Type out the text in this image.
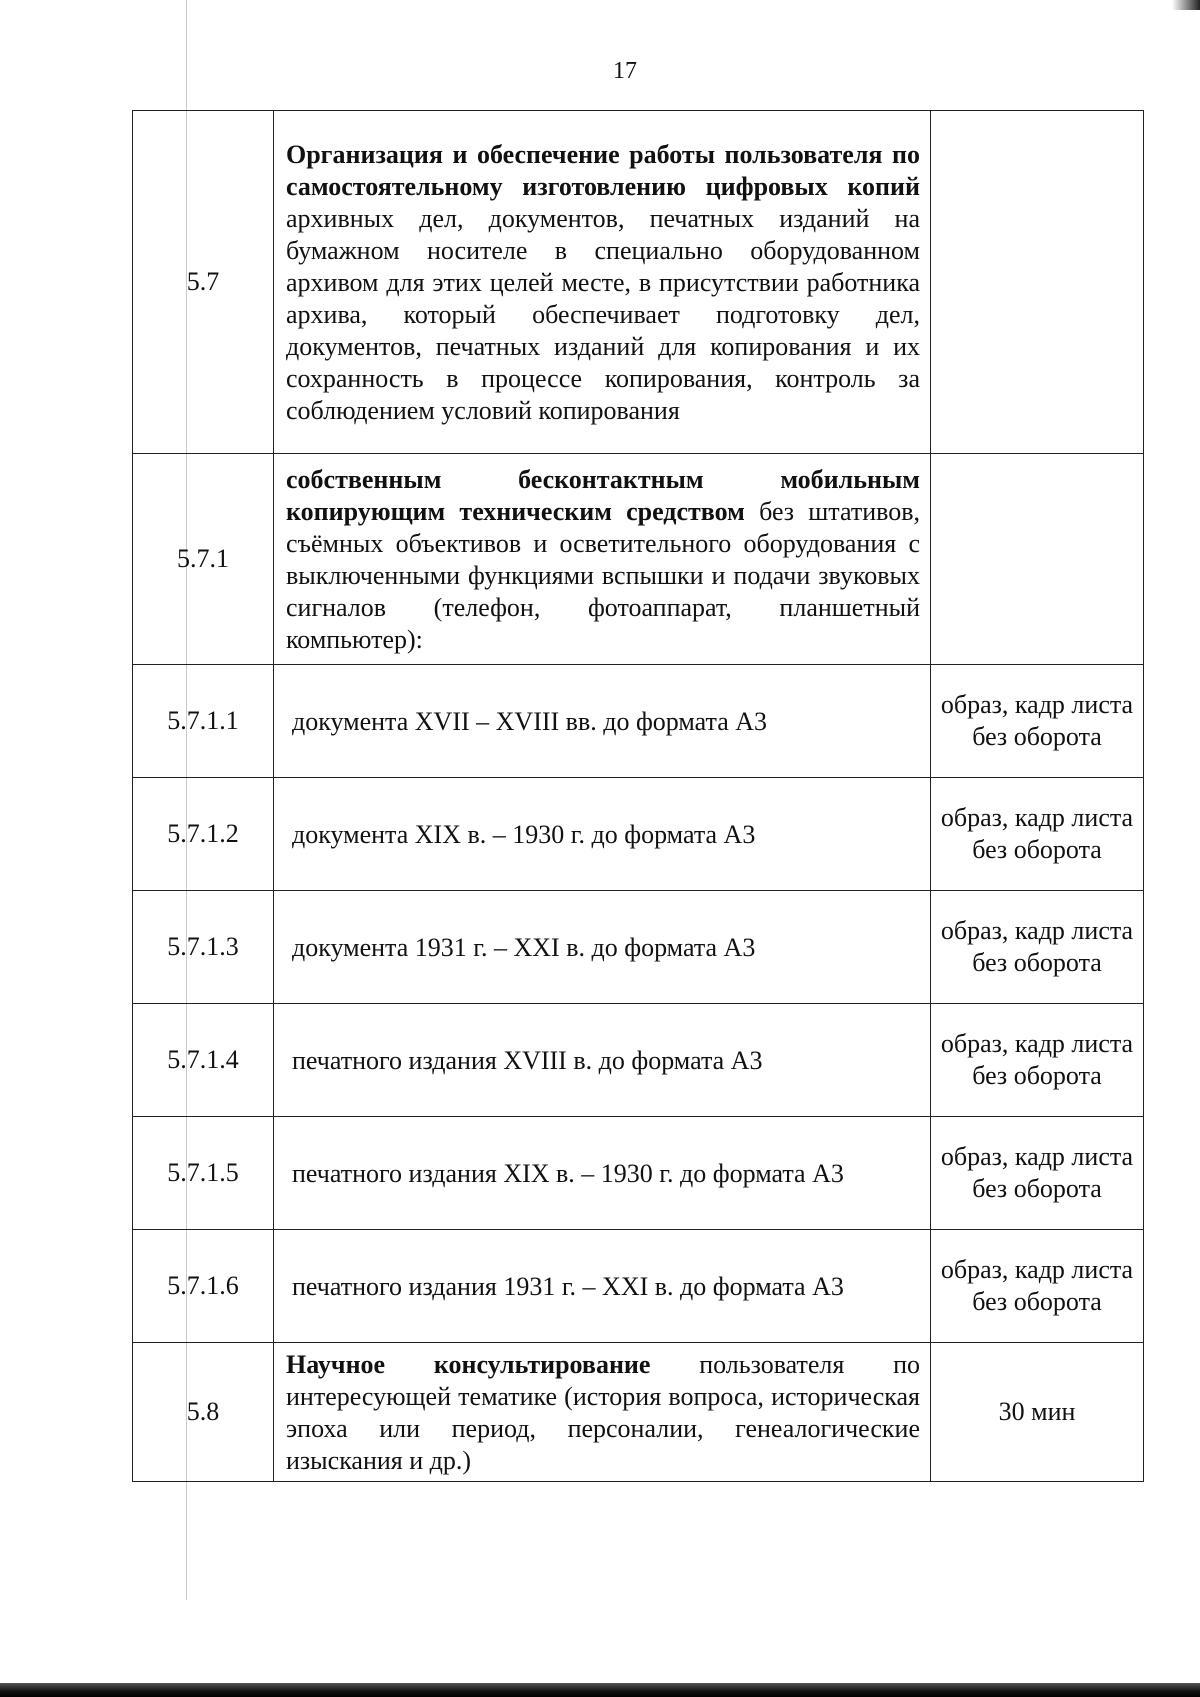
17
5.7	Организация и обеспечение работы пользователя по самостоятельному изготовлению цифровых копий архивных дел, документов, печатных изданий на бумажном носителе в специально оборудованном архивом для этих целей месте, в присутствии работника архива, который обеспечивает подготовку дел, документов, печатных изданий для копирования и их сохранность в процессе копирования, контроль за соблюдением условий копирования	
5.7.1	собственным бесконтактным мобильным копирующим техническим средством без штативов, съёмных объективов и осветительного оборудования с выключенными функциями вспышки и подачи звуковых сигналов (телефон, фотоаппарат, планшетный компьютер):	
5.7.1.1	документа XVII – XVIII вв. до формата А3	образ, кадр листа без оборота
5.7.1.2	документа XIX в. – 1930 г. до формата А3	образ, кадр листа без оборота
5.7.1.3	документа 1931 г. – XXI в. до формата А3	образ, кадр листа без оборота
5.7.1.4	печатного издания XVIII в. до формата А3	образ, кадр листа без оборота
5.7.1.5	печатного издания XIX в. – 1930 г. до формата А3	образ, кадр листа без оборота
5.7.1.6	печатного издания 1931 г. – XXI в. до формата А3	образ, кадр листа без оборота
5.8	Научное консультирование пользователя по интересующей тематике (история вопроса, историческая эпоха или период, персоналии, генеалогические изыскания и др.)	30 мин
